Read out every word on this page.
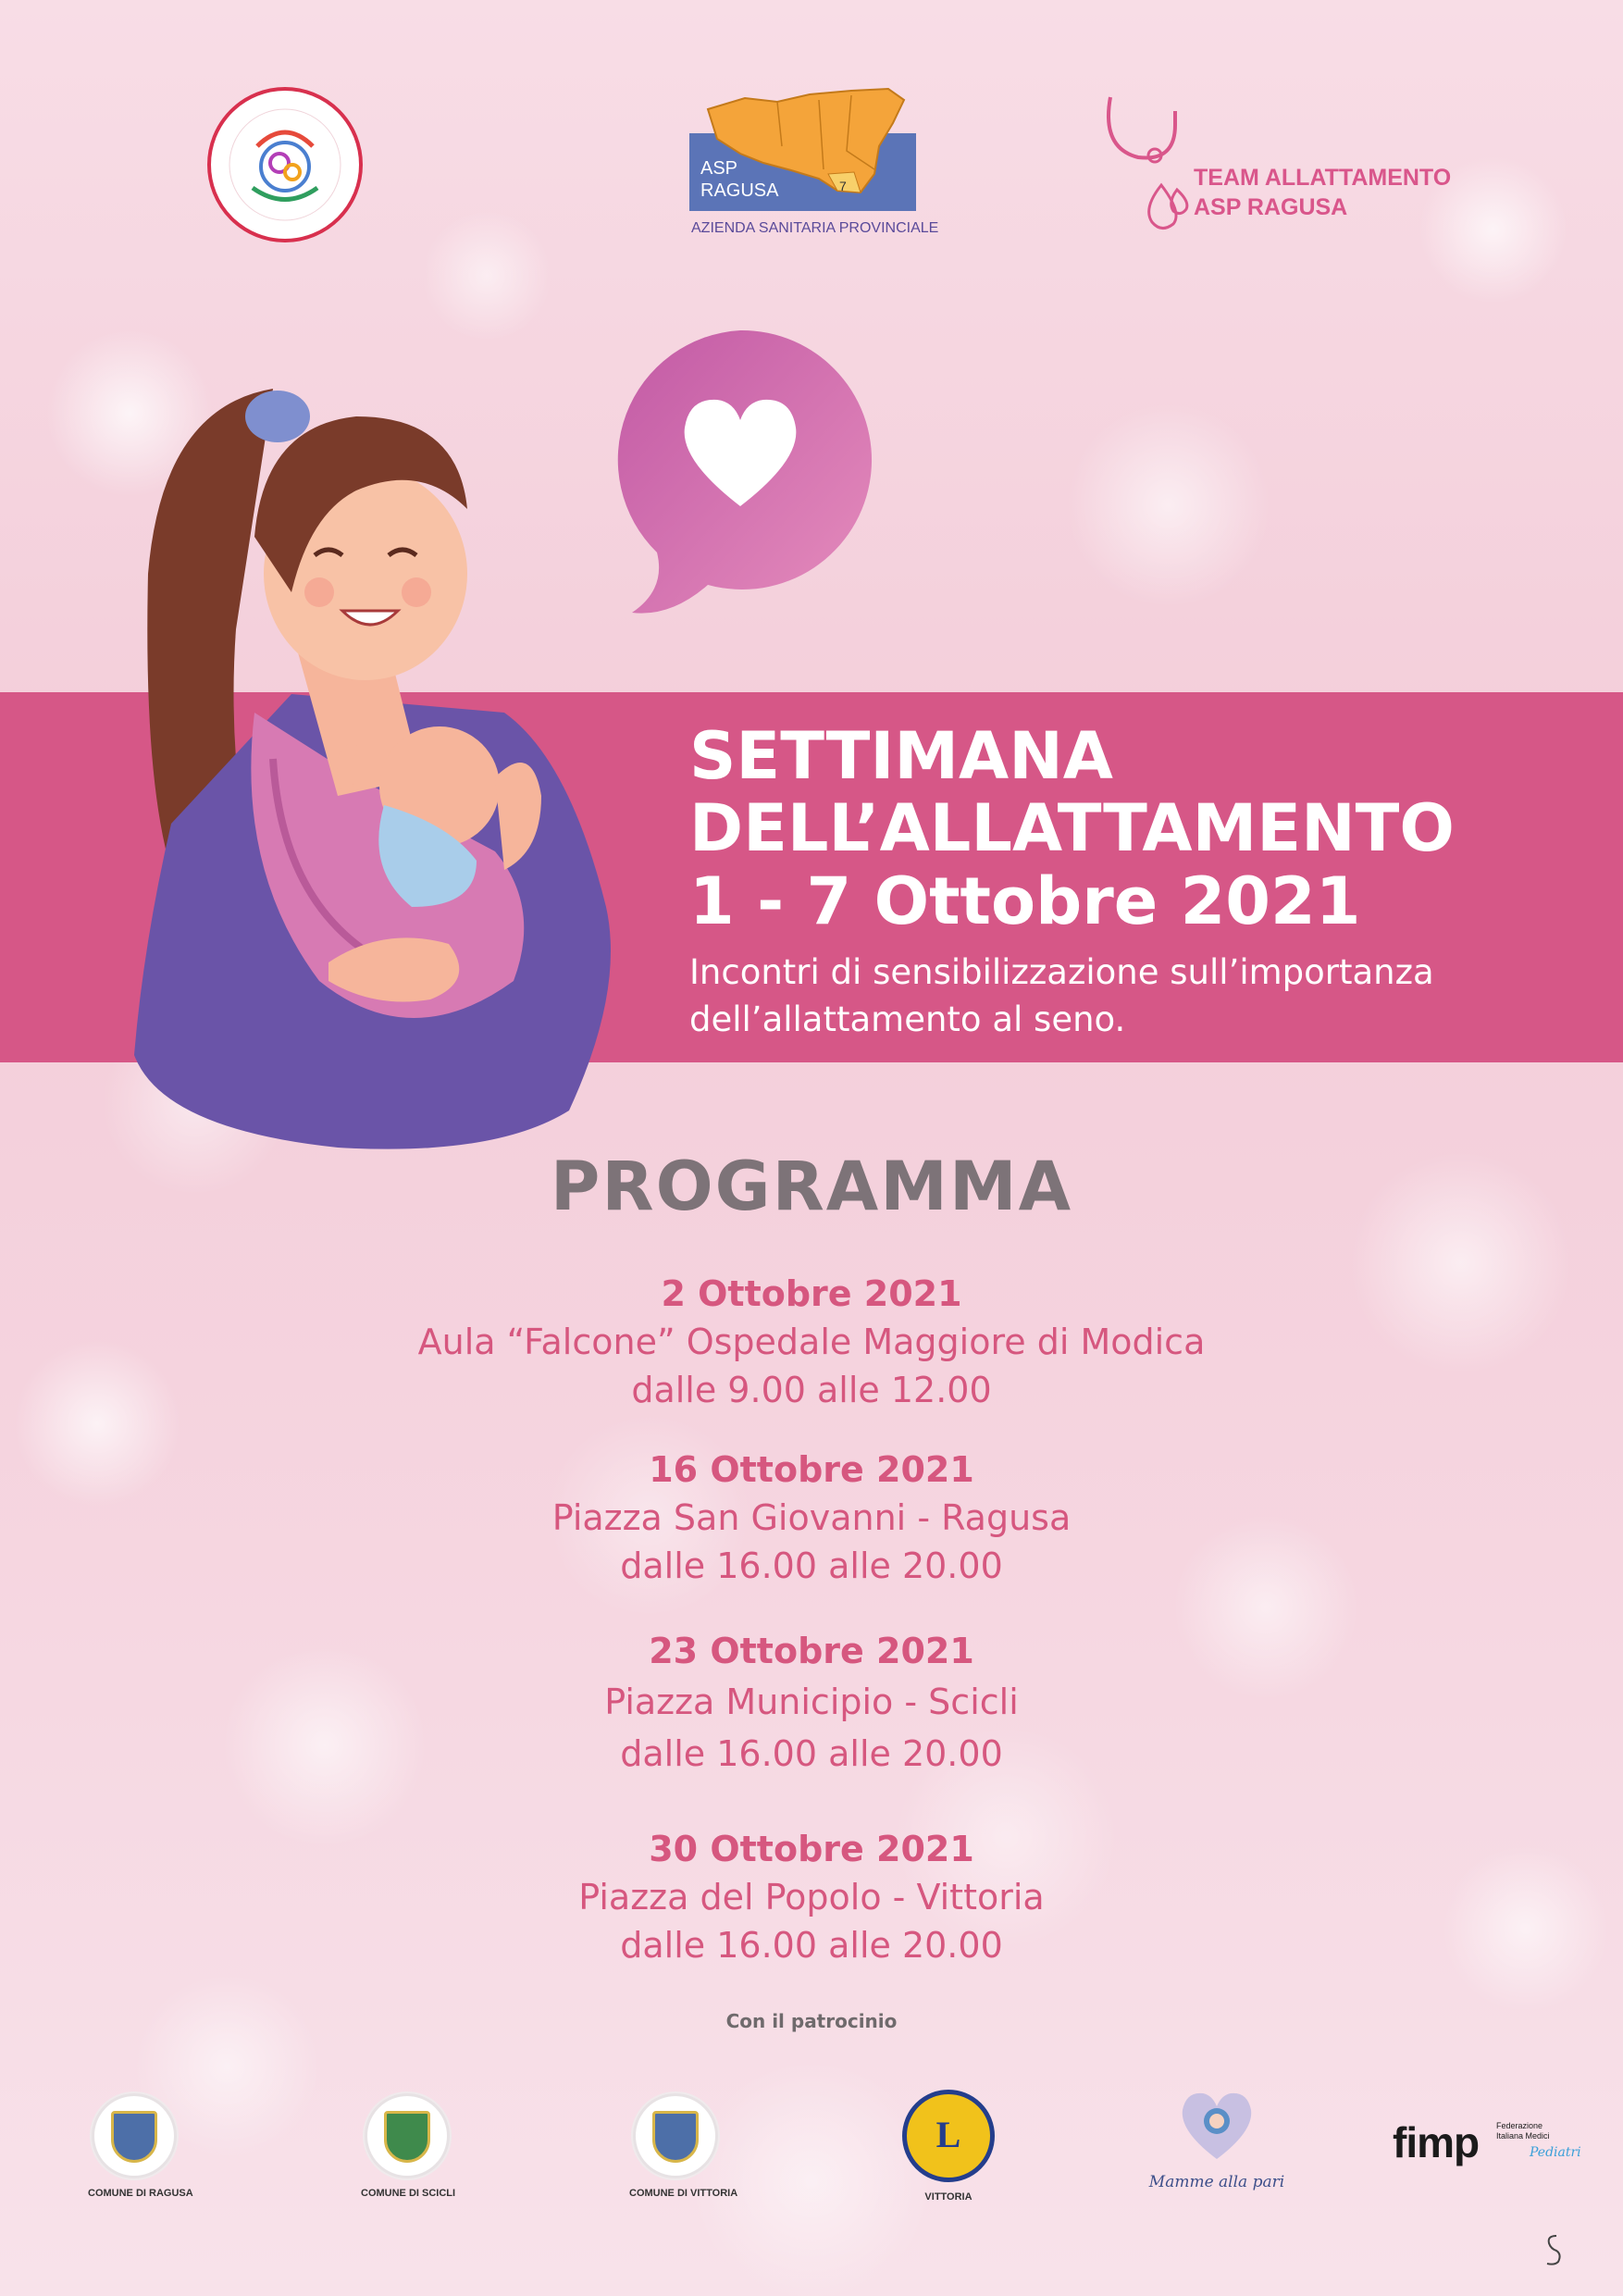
ASP RAGUSA	7
AZIENDA SANITARIA PROVINCIALE
TEAM ALLATTAMENTO
ASP RAGUSA
SETTIMANA DELL’ALLATTAMENTO
1 - 7 Ottobre 2021
Incontri di sensibilizzazione sull’importanza dell’allattamento al seno.
PROGRAMMA
2 Ottobre 2021
Aula “Falcone” Ospedale Maggiore di Modica
dalle 9.00 alle 12.00
16 Ottobre 2021
Piazza San Giovanni - Ragusa
dalle 16.00 alle 20.00
23 Ottobre 2021
Piazza Municipio - Scicli
dalle 16.00 alle 20.00
30 Ottobre 2021
Piazza del Popolo - Vittoria
dalle 16.00 alle 20.00
Con il patrocinio
COMUNE DI RAGUSA	COMUNE DI SCICLI	COMUNE DI VITTORIA
L
VITTORIA
Mamme alla pari
fimp Federazione Italiana Medici
Pediatri
